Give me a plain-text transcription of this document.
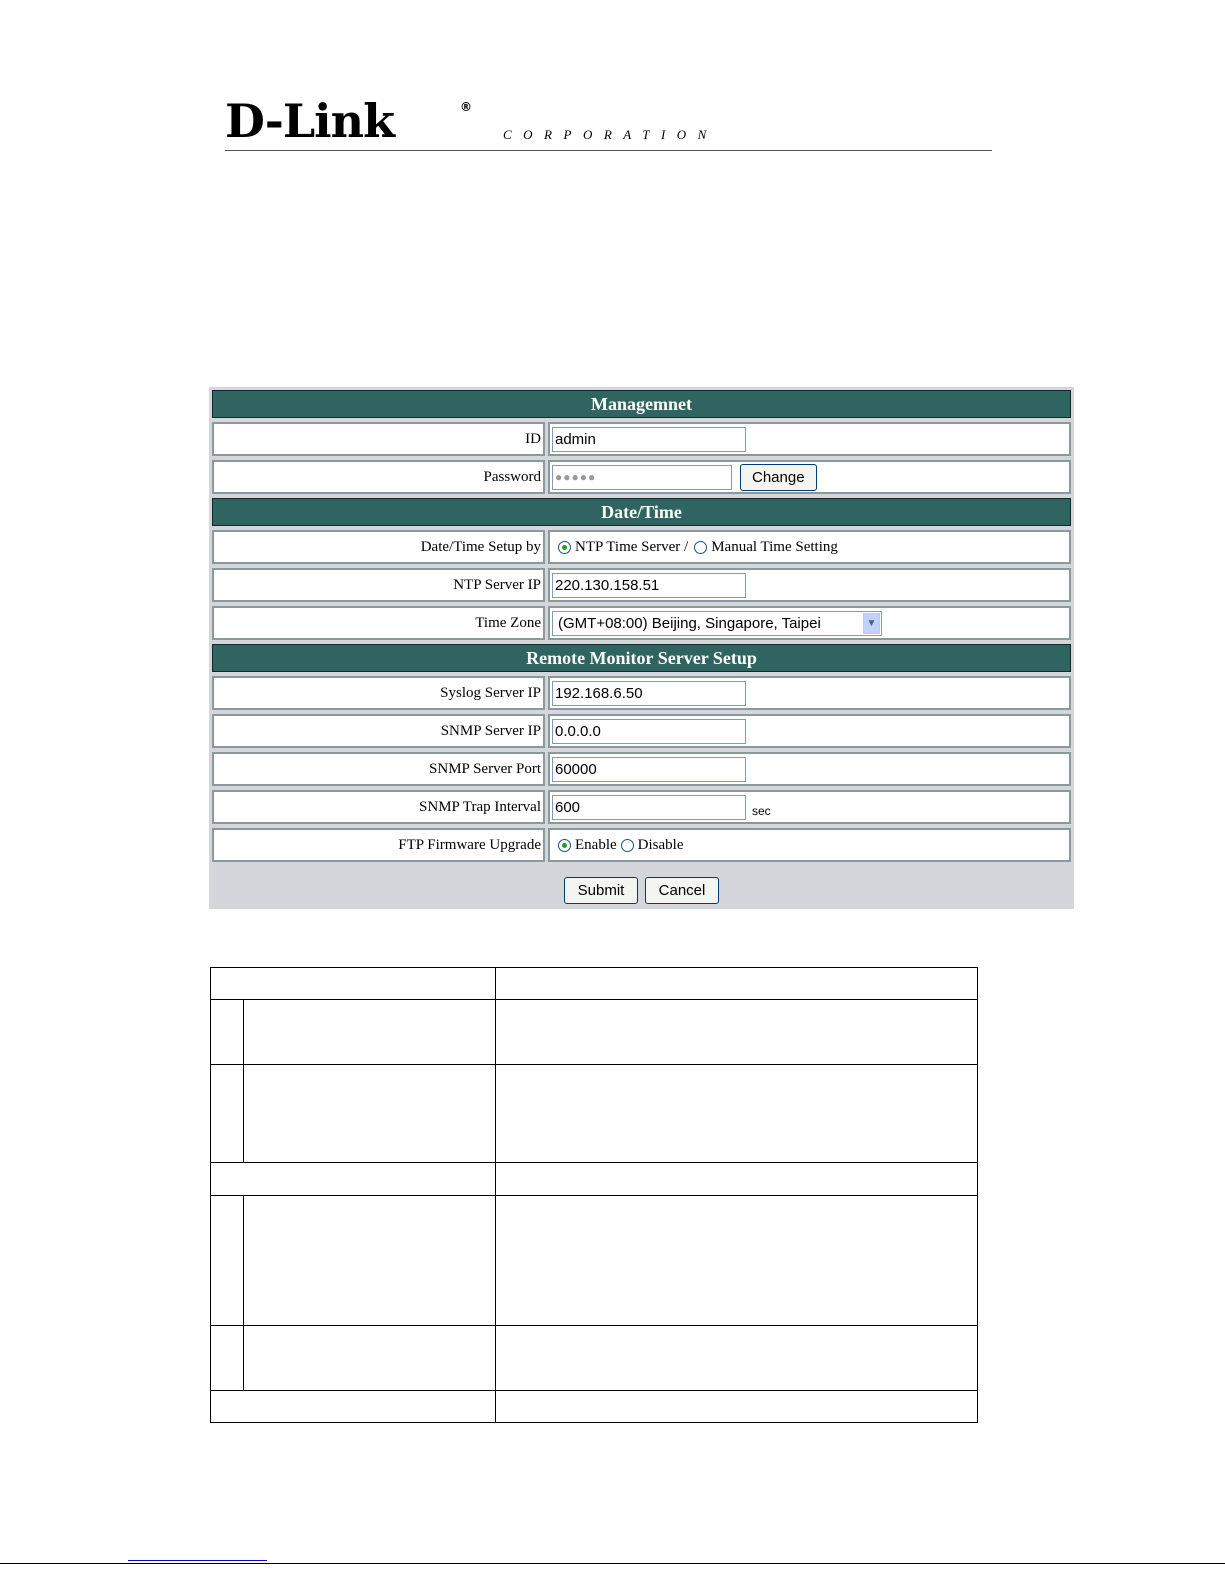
D-Link	®
CORPORATION
Managemnet
ID admin
Password	●●●●●	Change
Date/Time
Date/Time Setup by NTP Time Server / Manual Time Setting
NTP Server IP 220.130.158.51
Time Zone	(GMT+08:00) Beijing, Singapore, Taipei	▼
Remote Monitor Server Setup
Syslog Server IP 192.168.6.50
SNMP Server IP 0.0.0.0
SNMP Server Port 60000
SNMP Trap Interval 600	sec
FTP Firmware Upgrade Enable Disable
Submit Cancel
